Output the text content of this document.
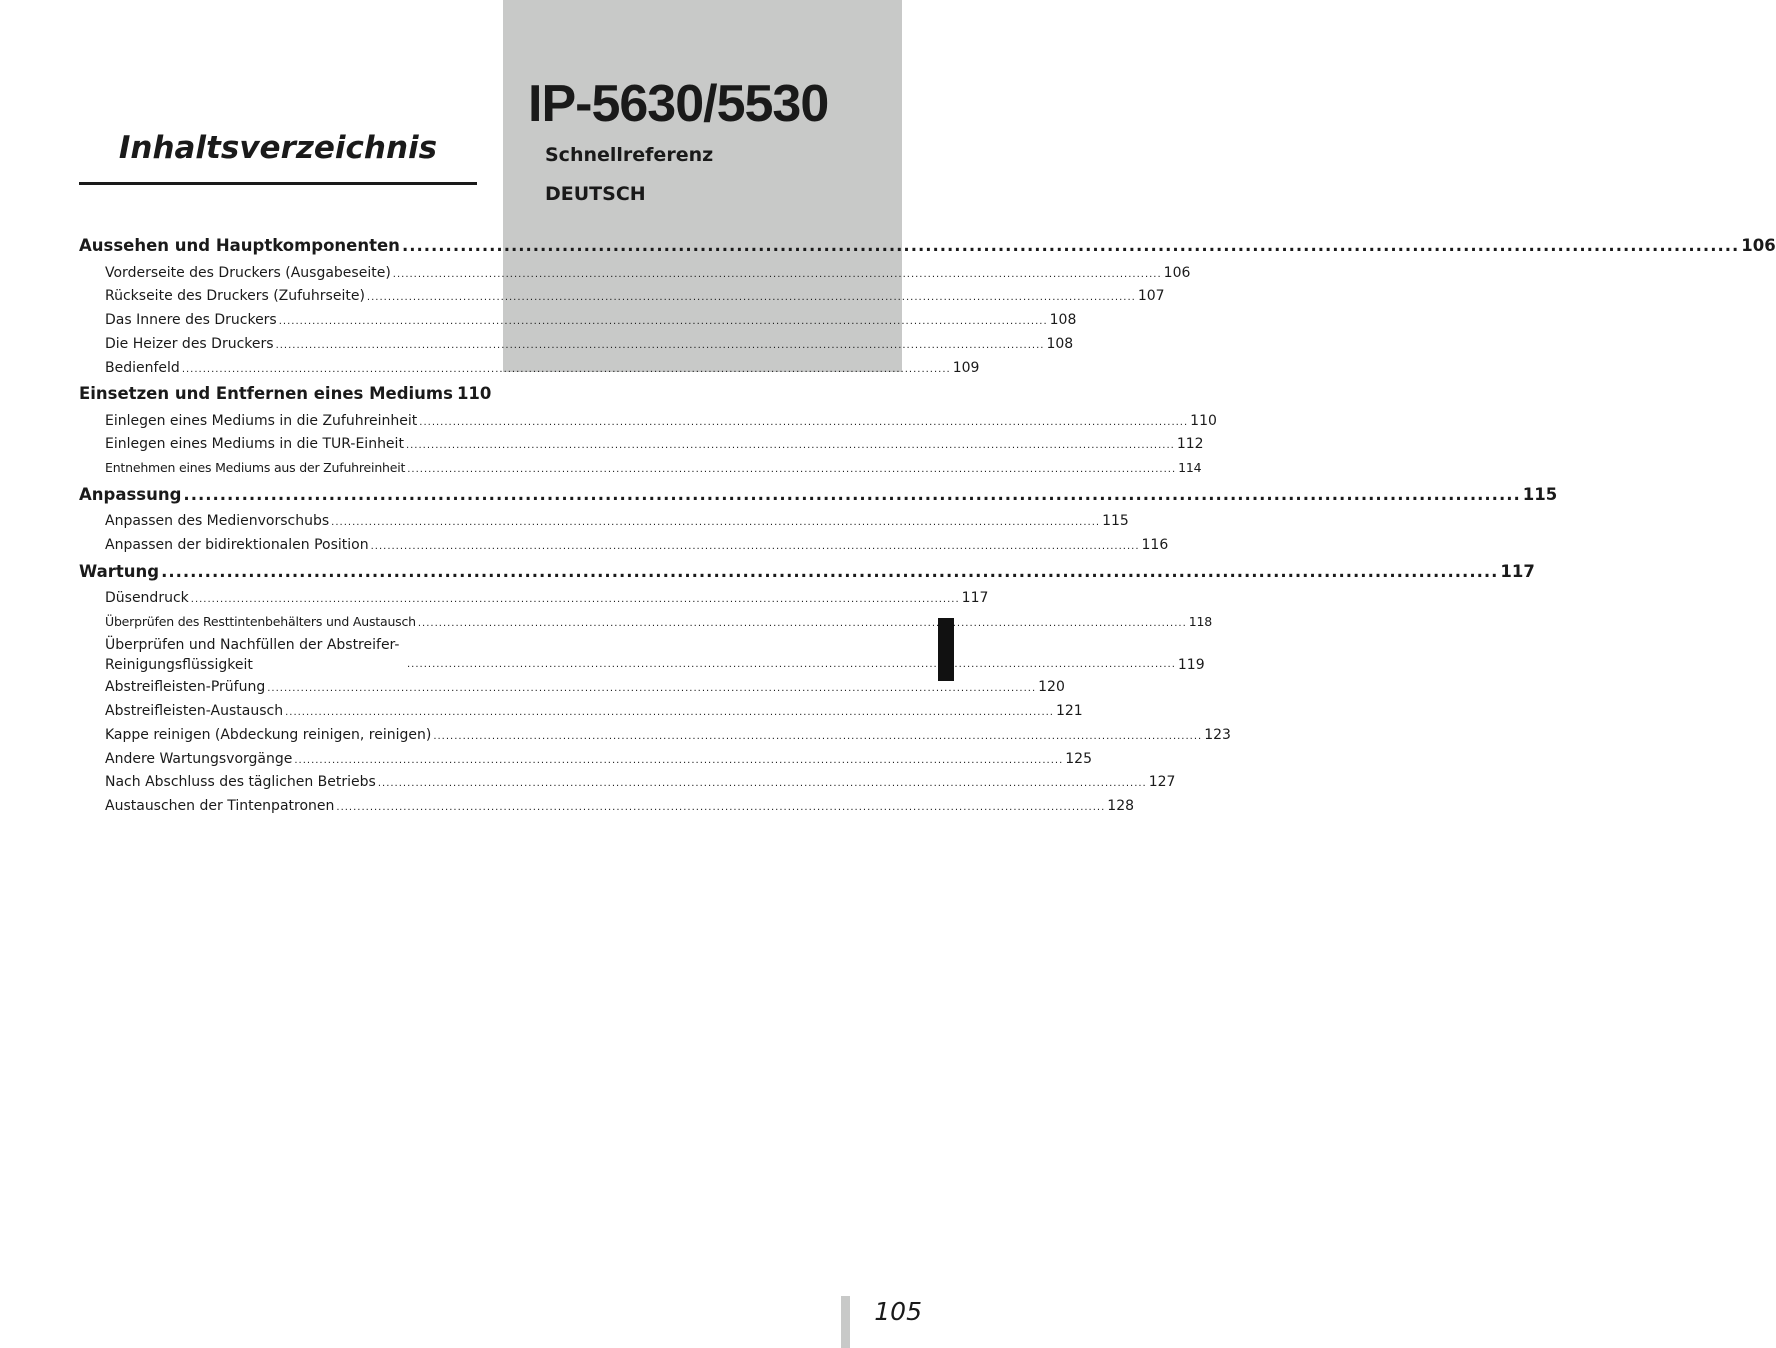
IP-5630/5530
Schnellreferenz
DEUTSCH
Inhaltsverzeichnis
Aussehen und Hauptkomponenten .....	106
Vorderseite des Druckers (Ausgabeseite) .....	106
Rückseite des Druckers (Zufuhrseite) .....	107
Das Innere des Druckers .....	108
Die Heizer des Druckers .....	108
Bedienfeld .....	109
Einsetzen und Entfernen eines Mediums 110
Einlegen eines Mediums in die Zufuhreinheit .....	110
Einlegen eines Mediums in die TUR-Einheit .....	112
Entnehmen eines Mediums aus der Zufuhreinheit .....	114
Anpassung .....	115
Anpassen des Medienvorschubs .....	115
Anpassen der bidirektionalen Position .....	116
Wartung .....	117
Düsendruck .....	117
Überprüfen des Resttintenbehälters und Austausch .....	118
Überprüfen und Nachfüllen der Abstreifer-Reinigungsflüssigkeit .....	119
Abstreifleisten-Prüfung .....	120
Abstreifleisten-Austausch .....	121
Kappe reinigen (Abdeckung reinigen, reinigen) .....	123
Andere Wartungsvorgänge .....	125
Nach Abschluss des täglichen Betriebs .....	127
Austauschen der Tintenpatronen .....	128
105
